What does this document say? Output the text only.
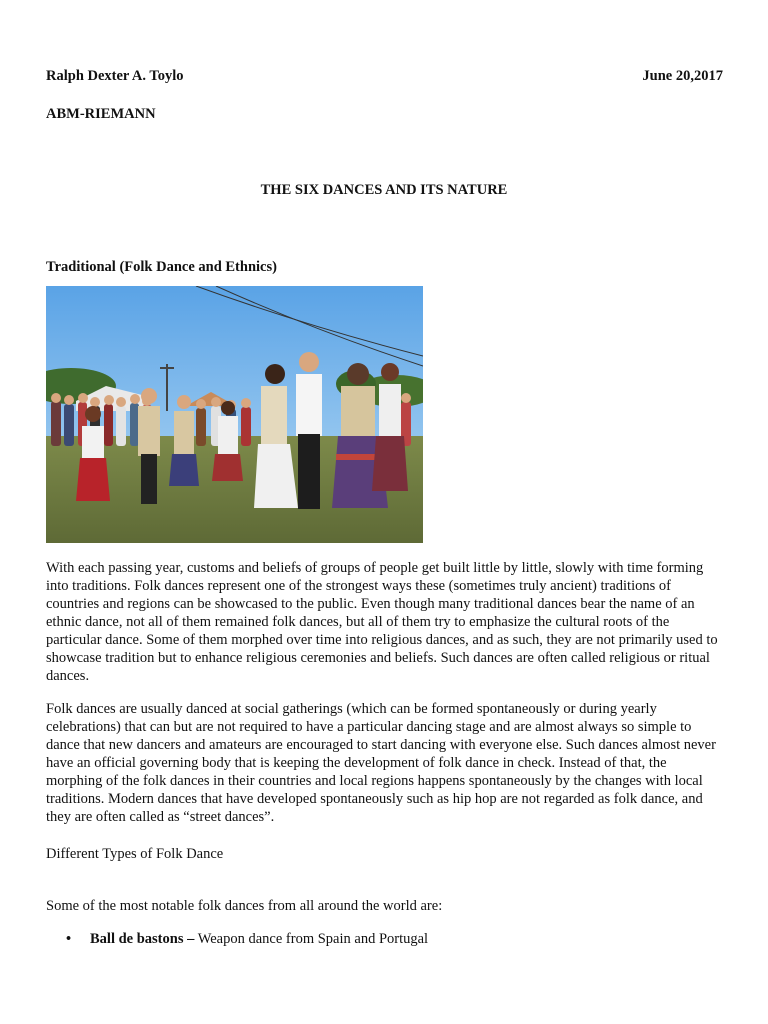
Ralph Dexter A. Toylo	June 20,2017
ABM-RIEMANN
THE SIX DANCES AND ITS NATURE
Traditional (Folk Dance and Ethnics)

With each passing year, customs and beliefs of groups of people get built little by little, slowly with time forming into traditions. Folk dances represent one of the strongest ways these (sometimes truly ancient) traditions of countries and regions can be showcased to the public. Even though many traditional dances bear the name of an ethnic dance, not all of them remained folk dances, but all of them try to emphasize the cultural roots of the particular dance. Some of them morphed over time into religious dances, and as such, they are not primarily used to showcase tradition but to enhance religious ceremonies and beliefs. Such dances are often called religious or ritual dances.

Folk dances are usually danced at social gatherings (which can be formed spontaneously or during yearly celebrations) that can but are not required to have a particular dancing stage and are almost always so simple to dance that new dancers and amateurs are encouraged to start dancing with everyone else. Such dances almost never have an official governing body that is keeping the development of folk dance in check. Instead of that, the morphing of the folk dances in their countries and local regions happens spontaneously by the changes with local traditions. Modern dances that have developed spontaneously such as hip hop are not regarded as folk dance, and they are often called as “street dances”.

Different Types of Folk Dance
Some of the most notable folk dances from all around the world are:
• Ball de bastons – Weapon dance from Spain and Portugal
